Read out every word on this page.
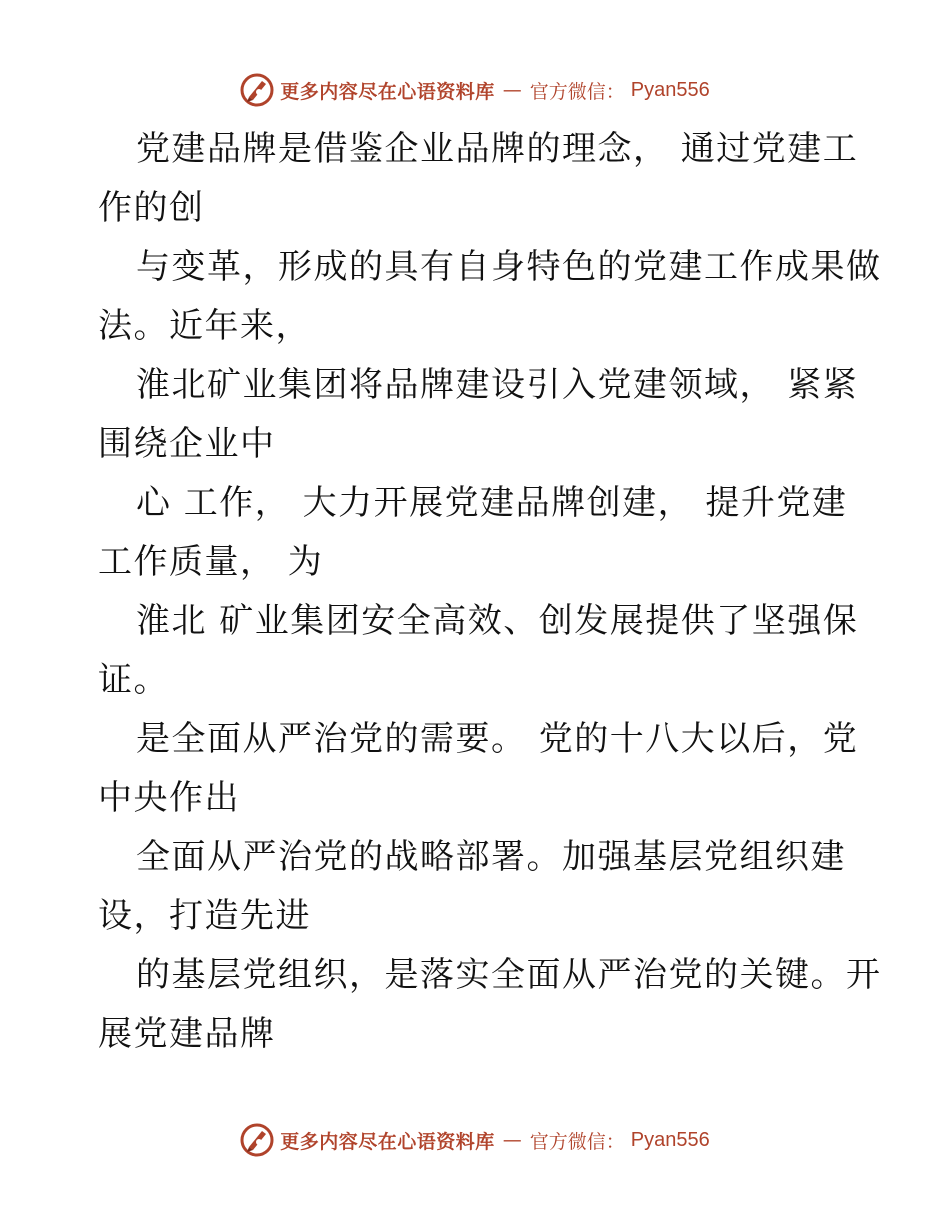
更多内容尽在心语资料库 — 官方微信： Pyan556
党建品牌是借鉴企业品牌的理念， 通过党建工
作的创
与变革，形成的具有自身特色的党建工作成果做
法。近年来，
淮北矿业集团将品牌建设引入党建领域， 紧紧
围绕企业中
心 工作， 大力开展党建品牌创建， 提升党建
工作质量， 为
淮北 矿业集团安全高效、创发展提供了坚强保
证。
是全面从严治党的需要。 党的十八大以后，党
中央作出
全面从严治党的战略部署。加强基层党组织建
设，打造先进
的基层党组织，是落实全面从严治党的关键。开
展党建品牌
更多内容尽在心语资料库 — 官方微信： Pyan556
